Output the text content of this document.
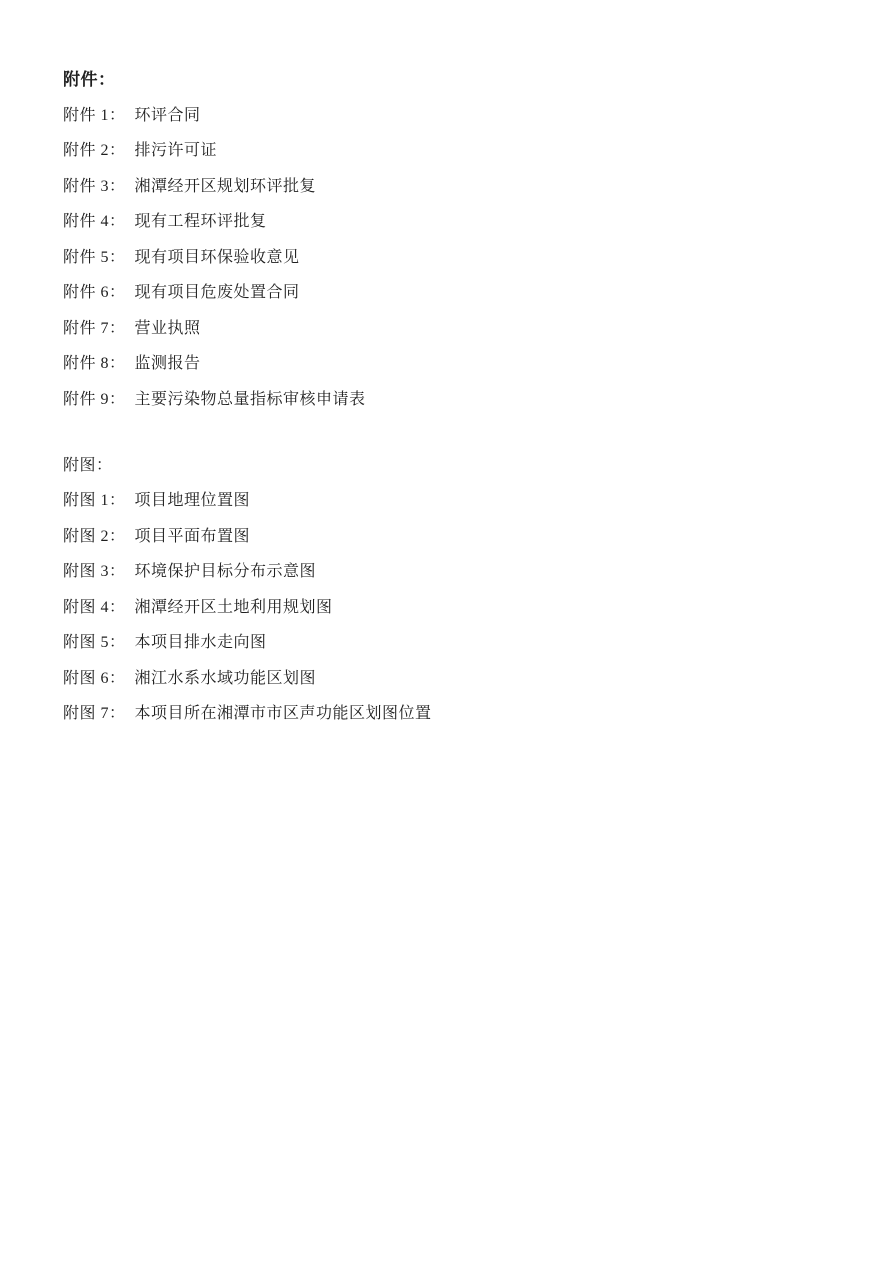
附件：
附件 1： 环评合同
附件 2： 排污许可证
附件 3： 湘潭经开区规划环评批复
附件 4： 现有工程环评批复
附件 5： 现有项目环保验收意见
附件 6： 现有项目危废处置合同
附件 7： 营业执照
附件 8： 监测报告
附件 9： 主要污染物总量指标审核申请表
附图：
附图 1： 项目地理位置图
附图 2： 项目平面布置图
附图 3： 环境保护目标分布示意图
附图 4： 湘潭经开区土地利用规划图
附图 5： 本项目排水走向图
附图 6： 湘江水系水域功能区划图
附图 7： 本项目所在湘潭市市区声功能区划图位置
